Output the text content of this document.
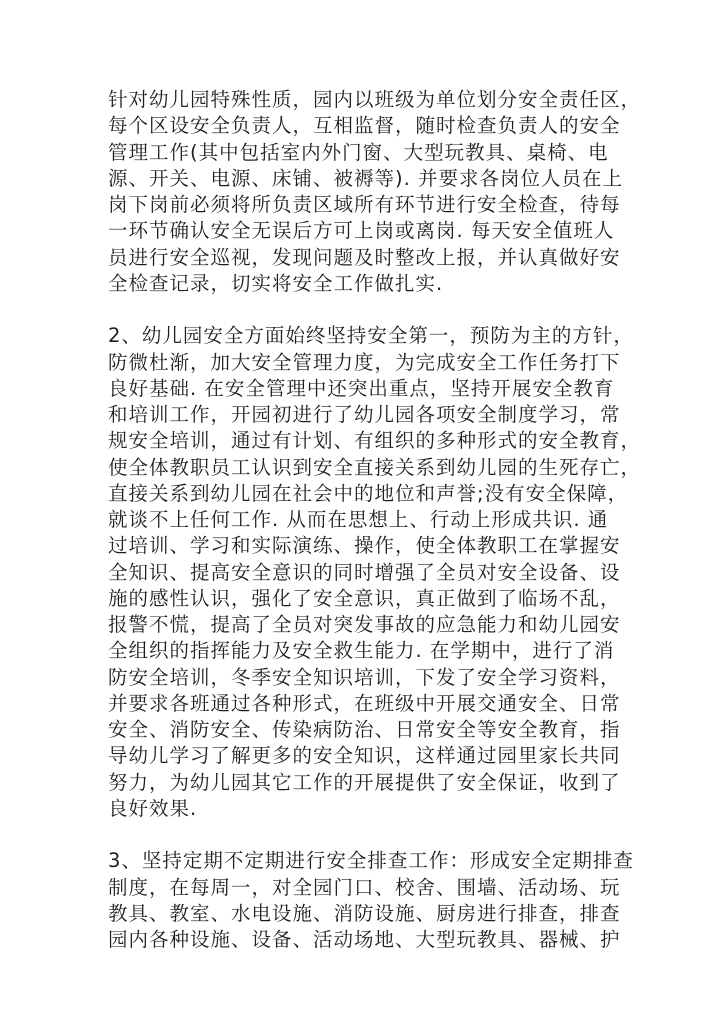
针对幼儿园特殊性质，园内以班级为单位划分安全责任区，
每个区设安全负责人，互相监督，随时检查负责人的安全
管理工作(其中包括室内外门窗、大型玩教具、桌椅、电
源、开关、电源、床铺、被褥等). 并要求各岗位人员在上
岗下岗前必须将所负责区域所有环节进行安全检查，待每
一环节确认安全无误后方可上岗或离岗. 每天安全值班人
员进行安全巡视，发现问题及时整改上报，并认真做好安
全检查记录，切实将安全工作做扎实.
2、幼儿园安全方面始终坚持安全第一，预防为主的方针，
防微杜渐，加大安全管理力度，为完成安全工作任务打下
良好基础. 在安全管理中还突出重点，坚持开展安全教育
和培训工作，开园初进行了幼儿园各项安全制度学习，常
规安全培训，通过有计划、有组织的多种形式的安全教育，
使全体教职员工认识到安全直接关系到幼儿园的生死存亡，
直接关系到幼儿园在社会中的地位和声誉;没有安全保障，
就谈不上任何工作. 从而在思想上、行动上形成共识. 通
过培训、学习和实际演练、操作，使全体教职工在掌握安
全知识、提高安全意识的同时增强了全员对安全设备、设
施的感性认识，强化了安全意识，真正做到了临场不乱，
报警不慌，提高了全员对突发事故的应急能力和幼儿园安
全组织的指挥能力及安全救生能力. 在学期中，进行了消
防安全培训，冬季安全知识培训，下发了安全学习资料，
并要求各班通过各种形式，在班级中开展交通安全、日常
安全、消防安全、传染病防治、日常安全等安全教育，指
导幼儿学习了解更多的安全知识，这样通过园里家长共同
努力，为幼儿园其它工作的开展提供了安全保证，收到了
良好效果.
3、坚持定期不定期进行安全排查工作：形成安全定期排查
制度，在每周一，对全园门口、校舍、围墙、活动场、玩
教具、教室、水电设施、消防设施、厨房进行排查，排查
园内各种设施、设备、活动场地、大型玩教具、器械、护
